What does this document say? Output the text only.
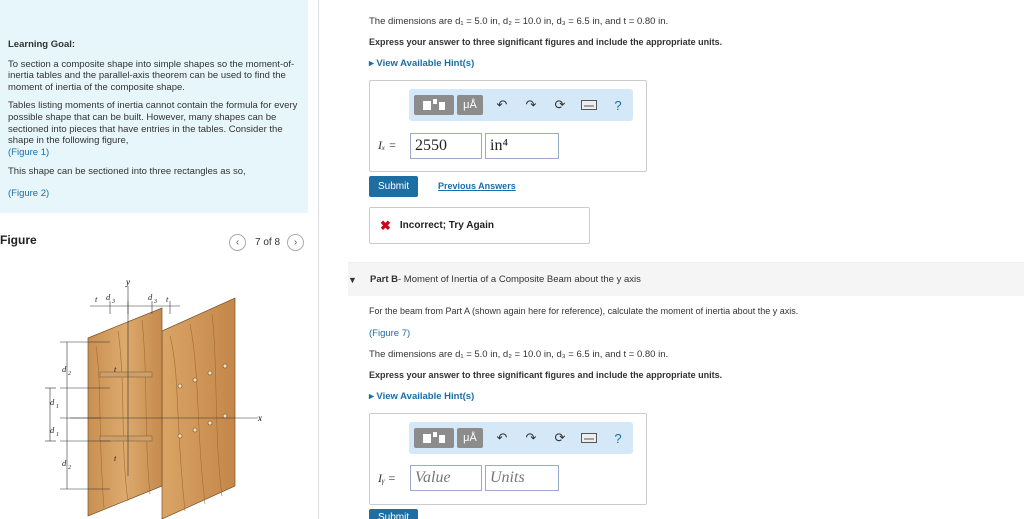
Learning Goal:

To section a composite shape into simple shapes so the moment-of-inertia tables and the parallel-axis theorem can be used to find the moment of inertia of the composite shape.

Tables listing moments of inertia cannot contain the formula for every possible shape that can be built. However, many shapes can be sectioned into pieces that have entries in the tables. Consider the shape in the following figure,
(Figure 1)

This shape can be sectioned into three rectangles as so,

(Figure 2)
Figure	‹ 7 of 8 ›
y
x
d 2
d 1
d 1
d 2
t d 3	d 3 t
t
t
The dimensions are d₁ = 5.0 in, d₂ = 10.0 in, d₃ = 6.5 in, and t = 0.80 in.
Express your answer to three significant figures and include the appropriate units.
▸ View Available Hint(s)
μÅ	↶	↷	⟳	?
Iₓ =	2550	in⁴
Submit	Previous Answers
✖ Incorrect; Try Again
Part B - Moment of Inertia of a Composite Beam about the y axis
▼
For the beam from Part A (shown again here for reference), calculate the moment of inertia about the y axis.
(Figure 7)
The dimensions are d₁ = 5.0 in, d₂ = 10.0 in, d₃ = 6.5 in, and t = 0.80 in.
Express your answer to three significant figures and include the appropriate units.
▸ View Available Hint(s)
μÅ	↶	↷	⟳	?
Iᵧ =	Value	Units
Submit
